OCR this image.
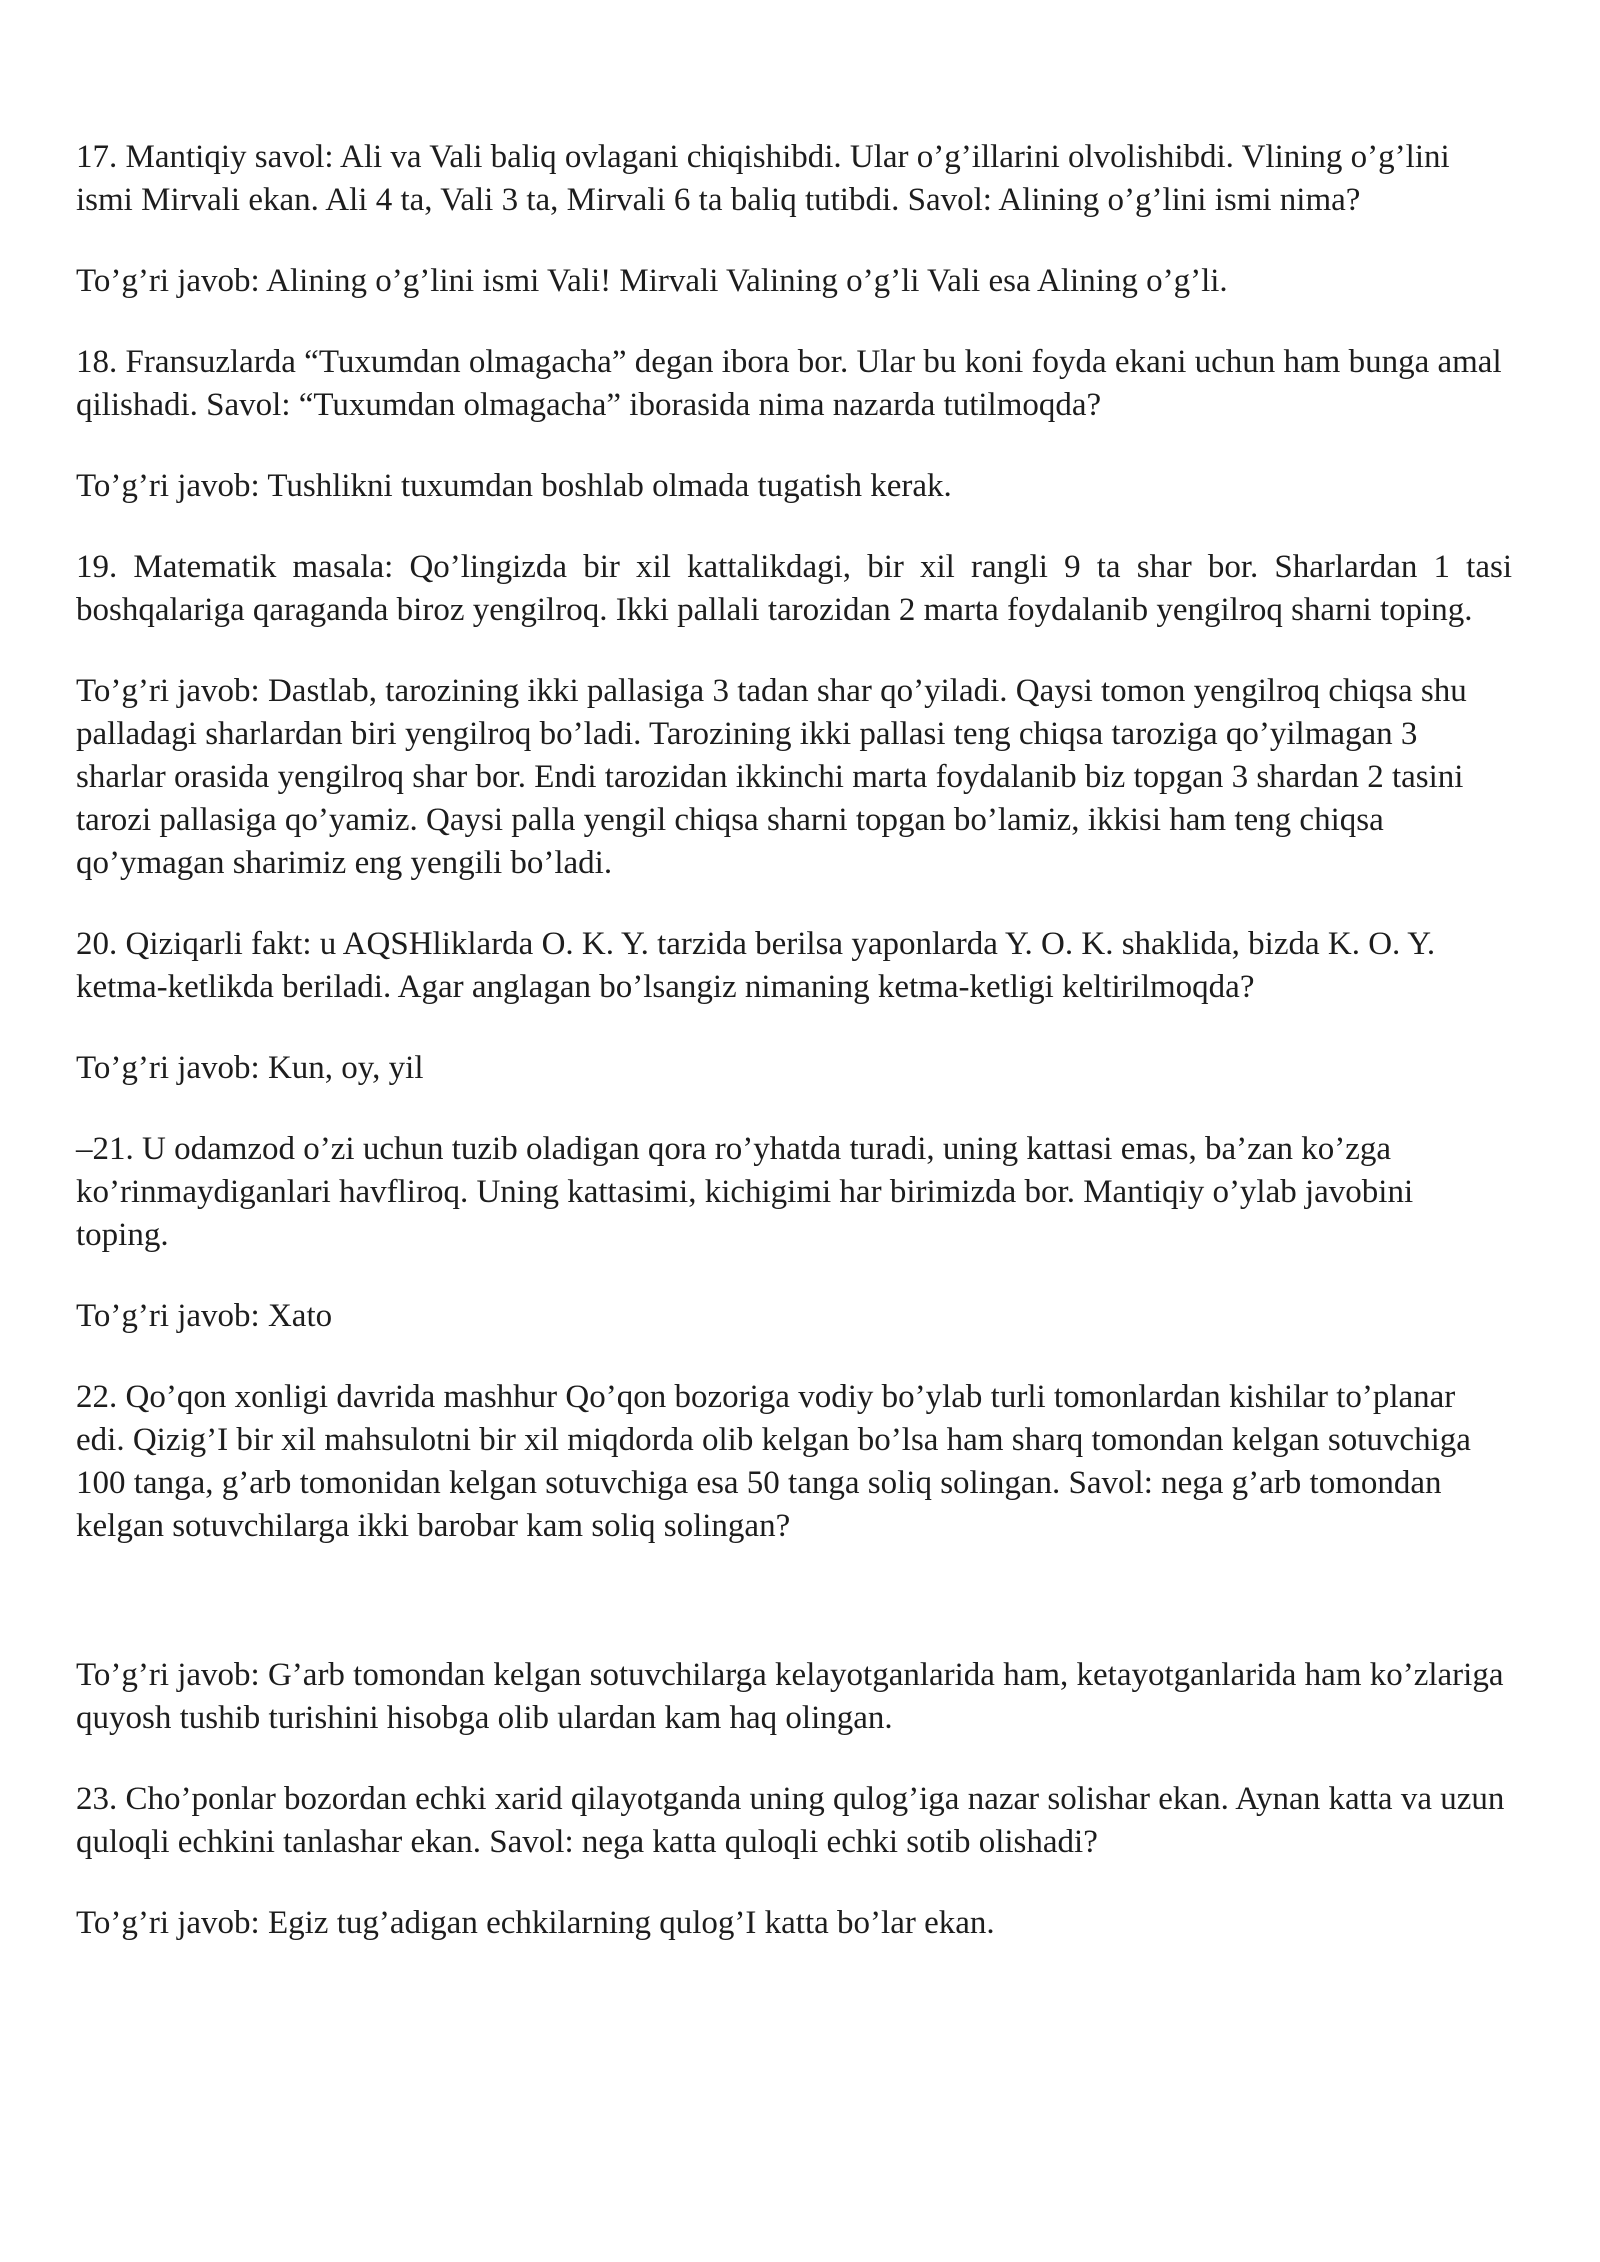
17. Mantiqiy savol: Ali va Vali baliq ovlagani chiqishibdi. Ular o’g’illarini olvolishibdi. Vlining o’g’lini ismi Mirvali ekan. Ali 4 ta, Vali 3 ta, Mirvali 6 ta baliq tutibdi. Savol: Alining o’g’lini ismi nima?

To’g’ri javob: Alining o’g’lini ismi Vali! Mirvali Valining o’g’li Vali esa Alining o’g’li.

18. Fransuzlarda “Tuxumdan olmagacha” degan ibora bor. Ular bu koni foyda ekani uchun ham bunga amal qilishadi. Savol: “Tuxumdan olmagacha” iborasida nima nazarda tutilmoqda?

To’g’ri javob: Tushlikni tuxumdan boshlab olmada tugatish kerak.

19. Matematik masala: Qo’lingizda bir xil kattalikdagi, bir xil rangli 9 ta shar bor. Sharlardan 1 tasi boshqalariga qaraganda biroz yengilroq. Ikki pallali tarozidan 2 marta foydalanib yengilroq sharni toping.

To’g’ri javob: Dastlab, tarozining ikki pallasiga 3 tadan shar qo’yiladi. Qaysi tomon yengilroq chiqsa shu palladagi sharlardan biri yengilroq bo’ladi. Tarozining ikki pallasi teng chiqsa taroziga qo’yilmagan 3 sharlar orasida yengilroq shar bor. Endi tarozidan ikkinchi marta foydalanib biz topgan 3 shardan 2 tasini tarozi pallasiga qo’yamiz. Qaysi palla yengil chiqsa sharni topgan bo’lamiz, ikkisi ham teng chiqsa qo’ymagan sharimiz eng yengili bo’ladi.

20. Qiziqarli fakt: u AQSHliklarda O. K. Y. tarzida berilsa yaponlarda Y. O. K. shaklida, bizda K. O. Y. ketma-ketlikda beriladi. Agar anglagan bo’lsangiz nimaning ketma-ketligi keltirilmoqda?

To’g’ri javob: Kun, oy, yil

–21. U odamzod o’zi uchun tuzib oladigan qora ro’yhatda turadi, uning kattasi emas, ba’zan ko’zga ko’rinmaydiganlari havfliroq. Uning kattasimi, kichigimi har birimizda bor. Mantiqiy o’ylab javobini toping.

To’g’ri javob: Xato

22. Qo’qon xonligi davrida mashhur Qo’qon bozoriga vodiy bo’ylab turli tomonlardan kishilar to’planar edi. Qizig’I bir xil mahsulotni bir xil miqdorda olib kelgan bo’lsa ham sharq tomondan kelgan sotuvchiga 100 tanga, g’arb tomonidan kelgan sotuvchiga esa 50 tanga soliq solingan. Savol: nega g’arb tomondan kelgan sotuvchilarga ikki barobar kam soliq solingan?

To’g’ri javob: G’arb tomondan kelgan sotuvchilarga kelayotganlarida ham, ketayotganlarida ham ko’zlariga quyosh tushib turishini hisobga olib ulardan kam haq olingan.

23. Cho’ponlar bozordan echki xarid qilayotganda uning qulog’iga nazar solishar ekan. Aynan katta va uzun quloqli echkini tanlashar ekan. Savol: nega katta quloqli echki sotib olishadi?

To’g’ri javob: Egiz tug’adigan echkilarning qulog’I katta bo’lar ekan.
